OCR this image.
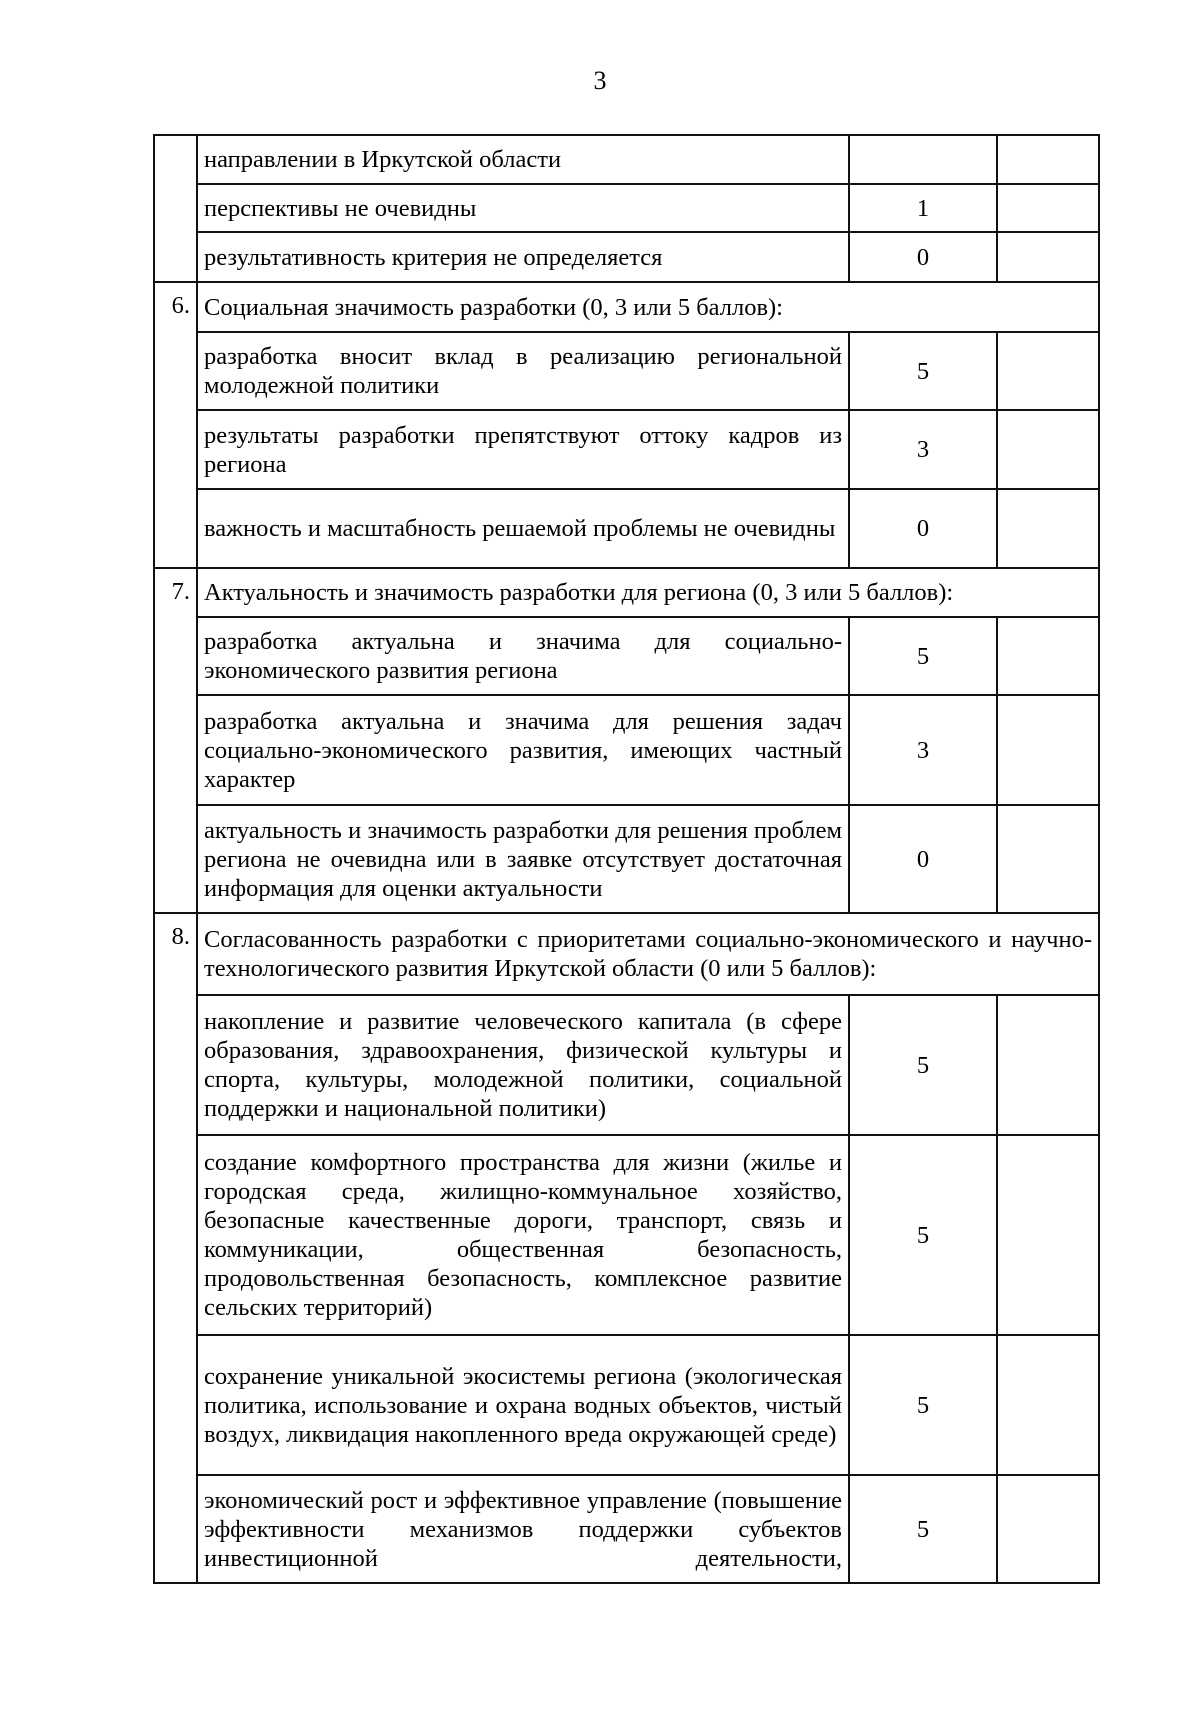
3
	направлении в Иркутской области		
	перспективы не очевидны	1	
	результативность критерия не определяется	0	
6.	Социальная значимость разработки (0, 3 или 5 баллов):		
	разработка вносит вклад в реализацию региональной молодежной политики	5	
	результаты разработки препятствуют оттоку кадров из региона	3	
	важность и масштабность решаемой проблемы не очевидны	0	
7.	Актуальность и значимость разработки для региона (0, 3 или 5 баллов):		
	разработка актуальна и значима для социально-экономического развития региона	5	
	разработка актуальна и значима для решения задач социально-экономического развития, имеющих частный характер	3	
	актуальность и значимость разработки для решения проблем региона не очевидна или в заявке отсутствует достаточная информация для оценки актуальности	0	
8.	Согласованность разработки с приоритетами социально-экономического и научно-технологического развития Иркутской области (0 или 5 баллов):		
	накопление и развитие человеческого капитала (в сфере образования, здравоохранения, физической культуры и спорта, культуры, молодежной политики, социальной поддержки и национальной политики)	5	
	создание комфортного пространства для жизни (жилье и городская среда, жилищно-коммунальное хозяйство, безопасные качественные дороги, транспорт, связь и коммуникации, общественная безопасность, продовольственная безопасность, комплексное развитие сельских территорий)	5	
	сохранение уникальной экосистемы региона (экологическая политика, использование и охрана водных объектов, чистый воздух, ликвидация накопленного вреда окружающей среде)	5	
	экономический рост и эффективное управление (повышение эффективности механизмов поддержки субъектов инвестиционной деятельности,	5	
